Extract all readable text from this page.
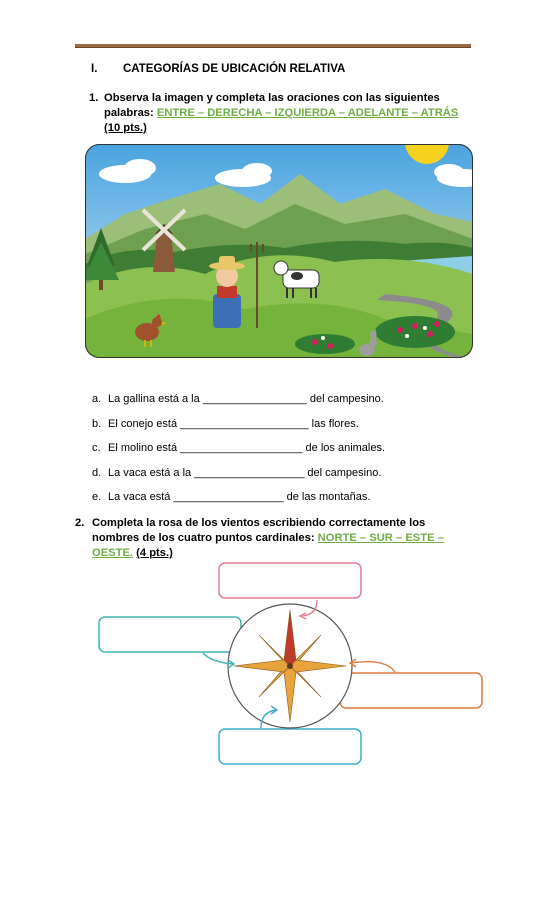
I. CATEGORÍAS DE UBICACIÓN RELATIVA
1. Observa la imagen y completa las oraciones con las siguientes palabras: ENTRE – DERECHA – IZQUIERDA – ADELANTE – ATRÁS (10 pts.)
a. La gallina está a la _________________ del campesino.
b. El conejo está _____________________ las flores.
c. El molino está ____________________ de los animales.
d. La vaca está a la __________________ del campesino.
e. La vaca está __________________ de las montañas.
2. Completa la rosa de los vientos escribiendo correctamente los nombres de los cuatro puntos cardinales: NORTE – SUR – ESTE – OESTE. (4 pts.)
